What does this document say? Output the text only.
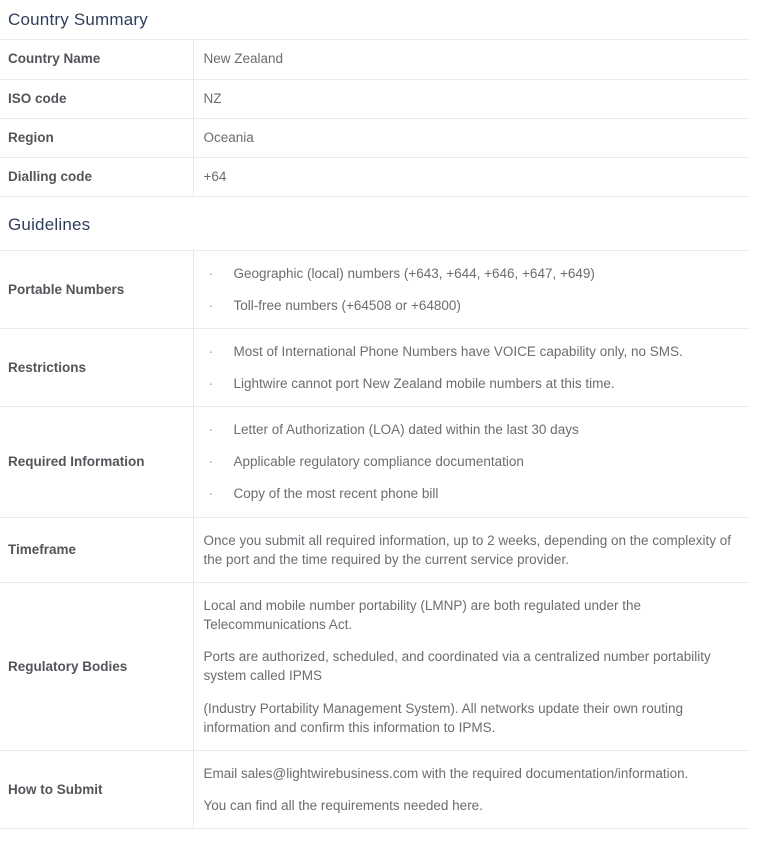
Country Summary	

Country Name	New Zealand
ISO code	NZ
Region	Oceania
Dialling code	+64

Guidelines	

Portable Numbers	
· Geographic (local) numbers (+643, +644, +646, +647, +649)
· Toll-free numbers (+64508 or +64800)

Restrictions	
· Most of International Phone Numbers have VOICE capability only, no SMS.
· Lightwire cannot port New Zealand mobile numbers at this time.

Required Information	
· Letter of Authorization (LOA) dated within the last 30 days
· Applicable regulatory compliance documentation
· Copy of the most recent phone bill

Timeframe	Once you submit all required information, up to 2 weeks, depending on the complexity of the port and the time required by the current service provider.

Regulatory Bodies	Local and mobile number portability (LMNP) are both regulated under the Telecommunications Act.

Ports are authorized, scheduled, and coordinated via a centralized number portability system called IPMS

(Industry Portability Management System). All networks update their own routing information and confirm this information to IPMS.

How to Submit	Email sales@lightwirebusiness.com with the required documentation/information.

You can find all the requirements needed here.
